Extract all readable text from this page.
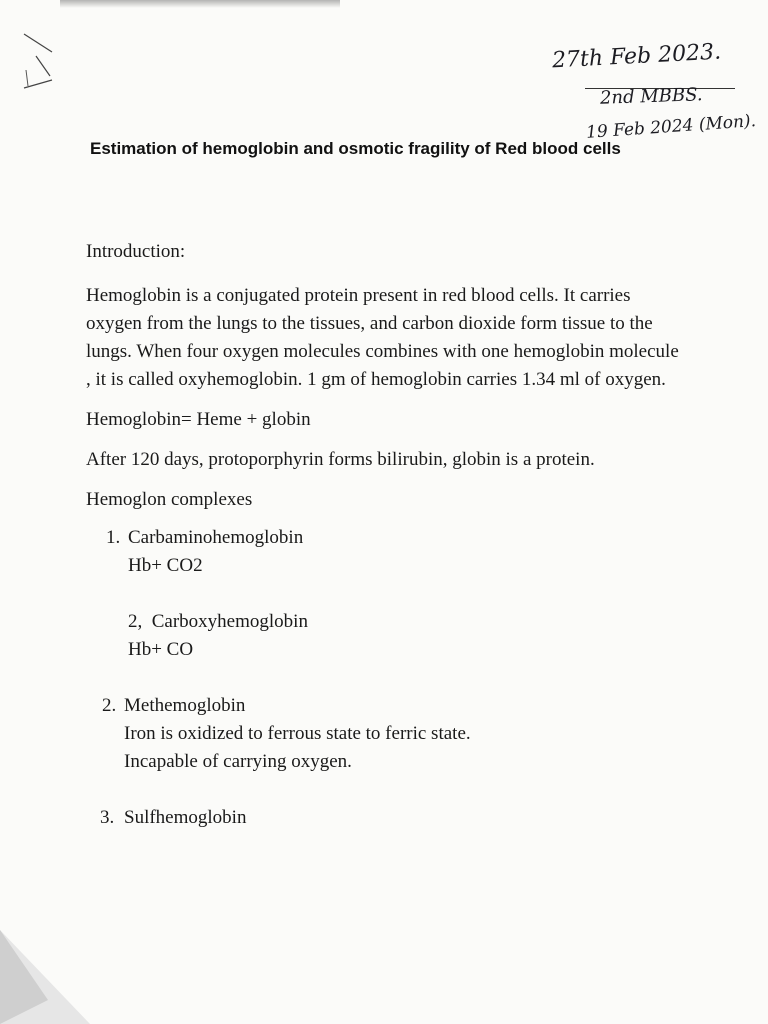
27th Feb 2023.
2nd MBBS.
19 Feb 2024 (Mon).
Estimation of hemoglobin and osmotic fragility of Red blood cells

Introduction:

Hemoglobin is a conjugated protein present in red blood cells. It carries oxygen from the lungs to the tissues, and carbon dioxide form tissue to the lungs. When four oxygen molecules combines with one hemoglobin molecule , it is called oxyhemoglobin. 1 gm of hemoglobin carries 1.34 ml of oxygen.

Hemoglobin= Heme + globin

After 120 days, protoporphyrin forms bilirubin, globin is a protein.

Hemoglon complexes

1. Carbaminohemoglobin
Hb+ CO2
2, Carboxyhemoglobin
Hb+ CO
2. Methemoglobin
Iron is oxidized to ferrous state to ferric state.
Incapable of carrying oxygen.
3. Sulfhemoglobin
